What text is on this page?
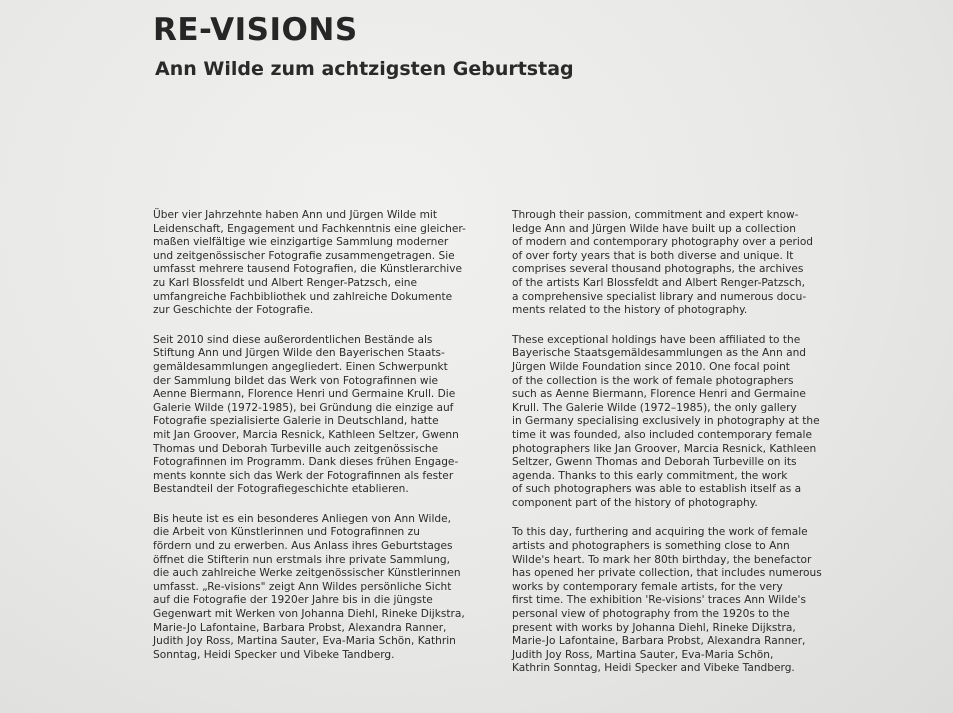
RE-VISIONS
Ann Wilde zum achtzigsten Geburtstag

Über vier Jahrzehnte haben Ann und Jürgen Wilde mit
Leidenschaft, Engagement und Fachkenntnis eine gleicher-
maßen vielfältige wie einzigartige Sammlung moderner
und zeitgenössischer Fotografie zusammengetragen. Sie
umfasst mehrere tausend Fotografien, die Künstlerarchive
zu Karl Blossfeldt und Albert Renger-Patzsch, eine
umfangreiche Fachbibliothek und zahlreiche Dokumente
zur Geschichte der Fotografie.

Seit 2010 sind diese außerordentlichen Bestände als
Stiftung Ann und Jürgen Wilde den Bayerischen Staats-
gemäldesammlungen angegliedert. Einen Schwerpunkt
der Sammlung bildet das Werk von Fotografinnen wie
Aenne Biermann, Florence Henri und Germaine Krull. Die
Galerie Wilde (1972-1985), bei Gründung die einzige auf
Fotografie spezialisierte Galerie in Deutschland, hatte
mit Jan Groover, Marcia Resnick, Kathleen Seltzer, Gwenn
Thomas und Deborah Turbeville auch zeitgenössische
Fotografinnen im Programm. Dank dieses frühen Engage-
ments konnte sich das Werk der Fotografinnen als fester
Bestandteil der Fotografiegeschichte etablieren.

Bis heute ist es ein besonderes Anliegen von Ann Wilde,
die Arbeit von Künstlerinnen und Fotografinnen zu
fördern und zu erwerben. Aus Anlass ihres Geburtstages
öffnet die Stifterin nun erstmals ihre private Sammlung,
die auch zahlreiche Werke zeitgenössischer Künstlerinnen
umfasst. „Re-visions" zeigt Ann Wildes persönliche Sicht
auf die Fotografie der 1920er Jahre bis in die jüngste
Gegenwart mit Werken von Johanna Diehl, Rineke Dijkstra,
Marie-Jo Lafontaine, Barbara Probst, Alexandra Ranner,
Judith Joy Ross, Martina Sauter, Eva-Maria Schön, Kathrin
Sonntag, Heidi Specker und Vibeke Tandberg.

Through their passion, commitment and expert know-
ledge Ann and Jürgen Wilde have built up a collection
of modern and contemporary photography over a period
of over forty years that is both diverse and unique. It
comprises several thousand photographs, the archives
of the artists Karl Blossfeldt and Albert Renger-Patzsch,
a comprehensive specialist library and numerous docu-
ments related to the history of photography.

These exceptional holdings have been affiliated to the
Bayerische Staatsgemäldesammlungen as the Ann and
Jürgen Wilde Foundation since 2010. One focal point
of the collection is the work of female photographers
such as Aenne Biermann, Florence Henri and Germaine
Krull. The Galerie Wilde (1972–1985), the only gallery
in Germany specialising exclusively in photography at the
time it was founded, also included contemporary female
photographers like Jan Groover, Marcia Resnick, Kathleen
Seltzer, Gwenn Thomas and Deborah Turbeville on its
agenda. Thanks to this early commitment, the work
of such photographers was able to establish itself as a
component part of the history of photography.

To this day, furthering and acquiring the work of female
artists and photographers is something close to Ann
Wilde's heart. To mark her 80th birthday, the benefactor
has opened her private collection, that includes numerous
works by contemporary female artists, for the very
first time. The exhibition 'Re-visions' traces Ann Wilde's
personal view of photography from the 1920s to the
present with works by Johanna Diehl, Rineke Dijkstra,
Marie-Jo Lafontaine, Barbara Probst, Alexandra Ranner,
Judith Joy Ross, Martina Sauter, Eva-Maria Schön,
Kathrin Sonntag, Heidi Specker and Vibeke Tandberg.
